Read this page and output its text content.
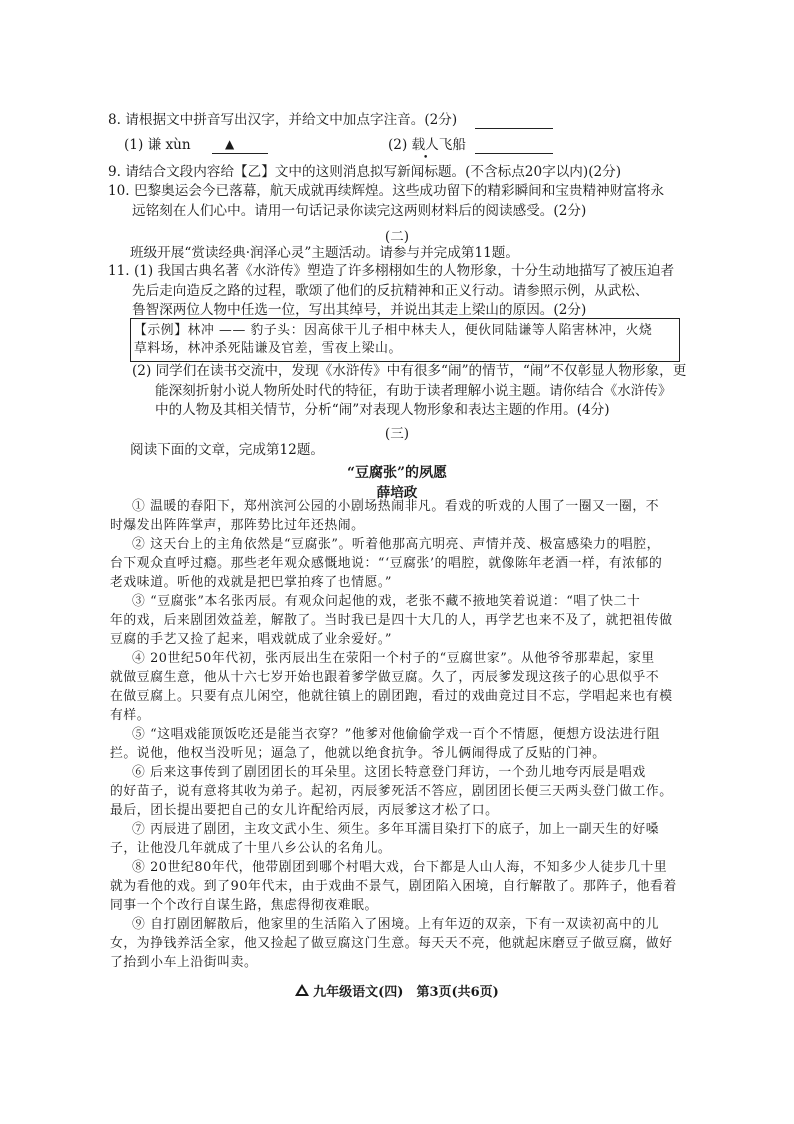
8. 请根据文中拼音写出汉字，并给文中加点字注音。(2分)
(1) 谦 xùn	▲	(2) 载人飞船
•
9. 请结合文段内容给【乙】文中的这则消息拟写新闻标题。(不含标点20字以内)(2分)
10. 巴黎奥运会今已落幕，航天成就再续辉煌。这些成功留下的精彩瞬间和宝贵精神财富将永
远铭刻在人们心中。请用一句话记录你读完这两则材料后的阅读感受。(2分)
(二)
班级开展“赏读经典·润泽心灵”主题活动。请参与并完成第11题。
11. (1) 我国古典名著《水浒传》塑造了许多栩栩如生的人物形象，十分生动地描写了被压迫者
先后走向造反之路的过程，歌颂了他们的反抗精神和正义行动。请参照示例，从武松、
鲁智深两位人物中任选一位，写出其绰号，并说出其走上梁山的原因。(2分)
【示例】林冲 —— 豹子头：因高俅干儿子相中林夫人，便伙同陆谦等人陷害林冲，火烧
草料场，林冲杀死陆谦及官差，雪夜上梁山。
(2) 同学们在读书交流中，发现《水浒传》中有很多“闹”的情节，“闹”不仅彰显人物形象，更
能深刻折射小说人物所处时代的特征，有助于读者理解小说主题。请你结合《水浒传》
中的人物及其相关情节，分析“闹”对表现人物形象和表达主题的作用。(4分)
(三)
阅读下面的文章，完成第12题。
“豆腐张”的夙愿
薛培政
① 温暖的春阳下，郑州滨河公园的小剧场热闹非凡。看戏的听戏的人围了一圈又一圈，不
时爆发出阵阵掌声，那阵势比过年还热闹。
② 这天台上的主角依然是“豆腐张”。听着他那高亢明亮、声情并茂、极富感染力的唱腔，
台下观众直呼过瘾。那些老年观众感慨地说：“‘豆腐张’的唱腔，就像陈年老酒一样，有浓郁的
老戏味道。听他的戏就是把巴掌拍疼了也情愿。”
③ “豆腐张”本名张丙辰。有观众问起他的戏，老张不藏不掖地笑着说道：“唱了快二十
年的戏，后来剧团效益差，解散了。当时我已是四十大几的人，再学艺也来不及了，就把祖传做
豆腐的手艺又捡了起来，唱戏就成了业余爱好。”
④ 20世纪50年代初，张丙辰出生在荥阳一个村子的“豆腐世家”。从他爷爷那辈起，家里
就做豆腐生意，他从十六七岁开始也跟着爹学做豆腐。久了，丙辰爹发现这孩子的心思似乎不
在做豆腐上。只要有点儿闲空，他就往镇上的剧团跑，看过的戏曲竟过目不忘，学唱起来也有模
有样。
⑤ “这唱戏能顶饭吃还是能当衣穿？”他爹对他偷偷学戏一百个不情愿，便想方设法进行阻
拦。说他，他权当没听见；逼急了，他就以绝食抗争。爷儿俩闹得成了反贴的门神。
⑥ 后来这事传到了剧团团长的耳朵里。这团长特意登门拜访，一个劲儿地夸丙辰是唱戏
的好苗子，说有意将其收为弟子。起初，丙辰爹死活不答应，剧团团长便三天两头登门做工作。
最后，团长提出要把自己的女儿许配给丙辰，丙辰爹这才松了口。
⑦ 丙辰进了剧团，主攻文武小生、须生。多年耳濡目染打下的底子，加上一副天生的好嗓
子，让他没几年就成了十里八乡公认的名角儿。
⑧ 20世纪80年代，他带剧团到哪个村唱大戏，台下都是人山人海，不知多少人徒步几十里
就为看他的戏。到了90年代末，由于戏曲不景气，剧团陷入困境，自行解散了。那阵子，他看着
同事一个个改行自谋生路，焦虑得彻夜难眠。
⑨ 自打剧团解散后，他家里的生活陷入了困境。上有年迈的双亲，下有一双读初高中的儿
女，为挣钱养活全家，他又捡起了做豆腐这门生意。每天天不亮，他就起床磨豆子做豆腐，做好
了抬到小车上沿街叫卖。
九年级语文(四)　第3页(共6页)
